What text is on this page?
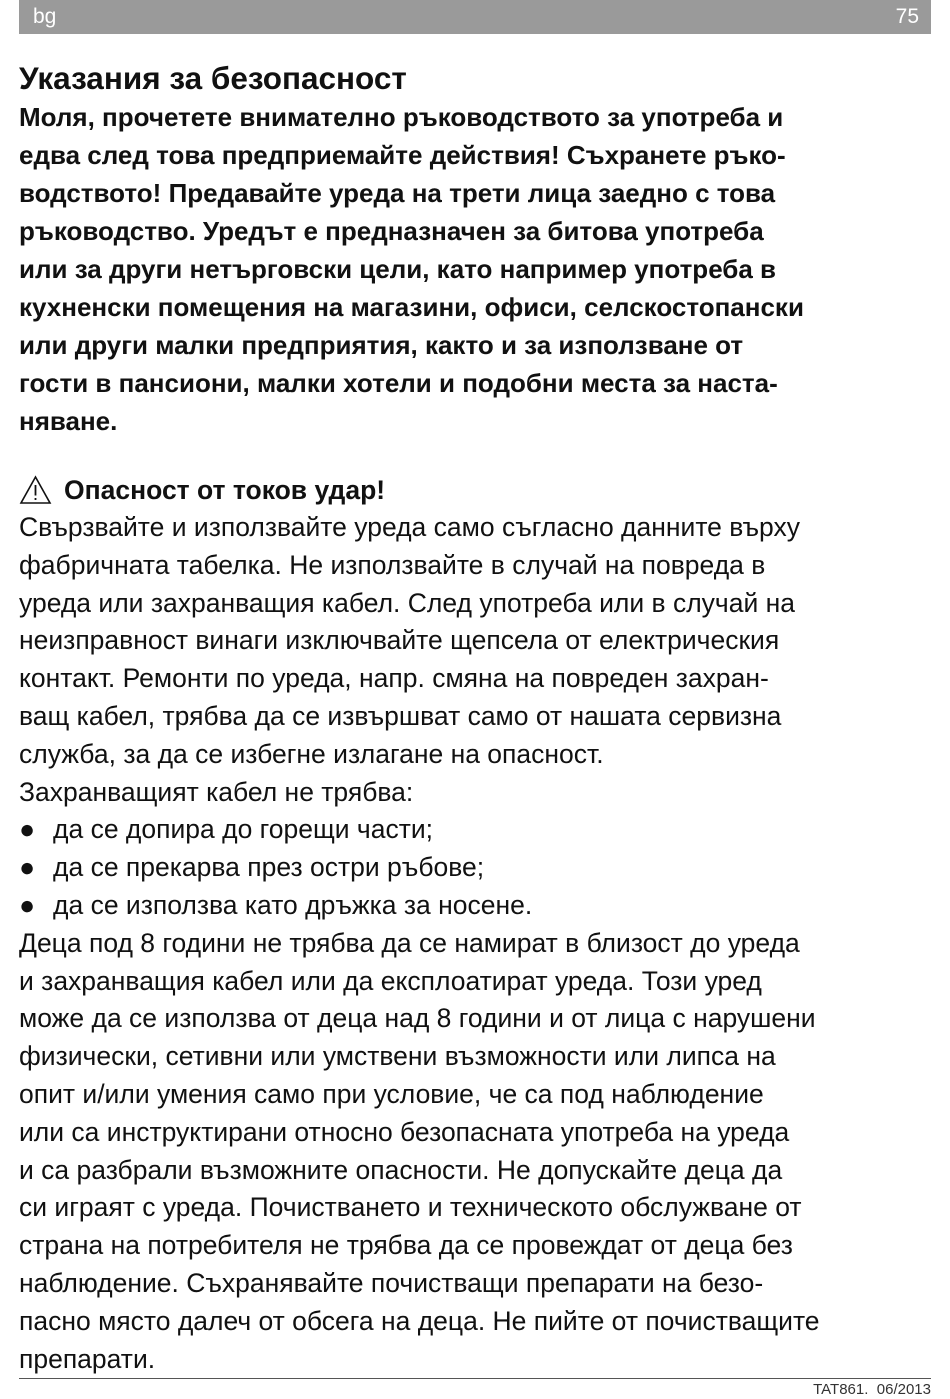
bg	75
Указания за безопасност
Моля, прочетете внимателно ръководството за употреба и
едва след това предприемайте действия! Съхранете ръко-
водството! Предавайте уреда на трети лица заедно с това
ръководство. Уредът е предназначен за битова употреба
или за други нетърговски цели, като например употреба в
кухненски помещения на магазини, офиси, селскостопански
или други малки предприятия, както и за използване от
гости в пансиони, малки хотели и подобни места за наста-
няване.
Опасност от токов удар!
Свързвайте и използвайте уреда само съгласно данните върху
фабричната табелка. Не използвайте в случай на повреда в
уреда или захранващия кабел. След употреба или в случай на
неизправност винаги изключвайте щепсела от електрическия
контакт. Ремонти по уреда, напр. смяна на повреден захран-
ващ кабел, трябва да се извършват само от нашата сервизна
служба, за да се избегне излагане на опасност.
Захранващият кабел не трябва:
● да се допира до горещи части;
● да се прекарва през остри ръбове;
● да се използва като дръжка за носене.
Деца под 8 години не трябва да се намират в близост до уреда
и захранващия кабел или да експлоатират уреда. Този уред
може да се използва от деца над 8 години и от лица с нарушени
физически, сетивни или умствени възможности или липса на
опит и/или умения само при условие, че са под наблюдение
или са инструктирани относно безопасната употреба на уреда
и са разбрали възможните опасности. Не допускайте деца да
си играят с уреда. Почистването и техническото обслужване от
страна на потребителя не трябва да се провеждат от деца без
наблюдение. Съхранявайте почистващи препарати на безо-
пасно място далеч от обсега на деца. Не пийте от почистващите
препарати.
TAT861. 06/2013
